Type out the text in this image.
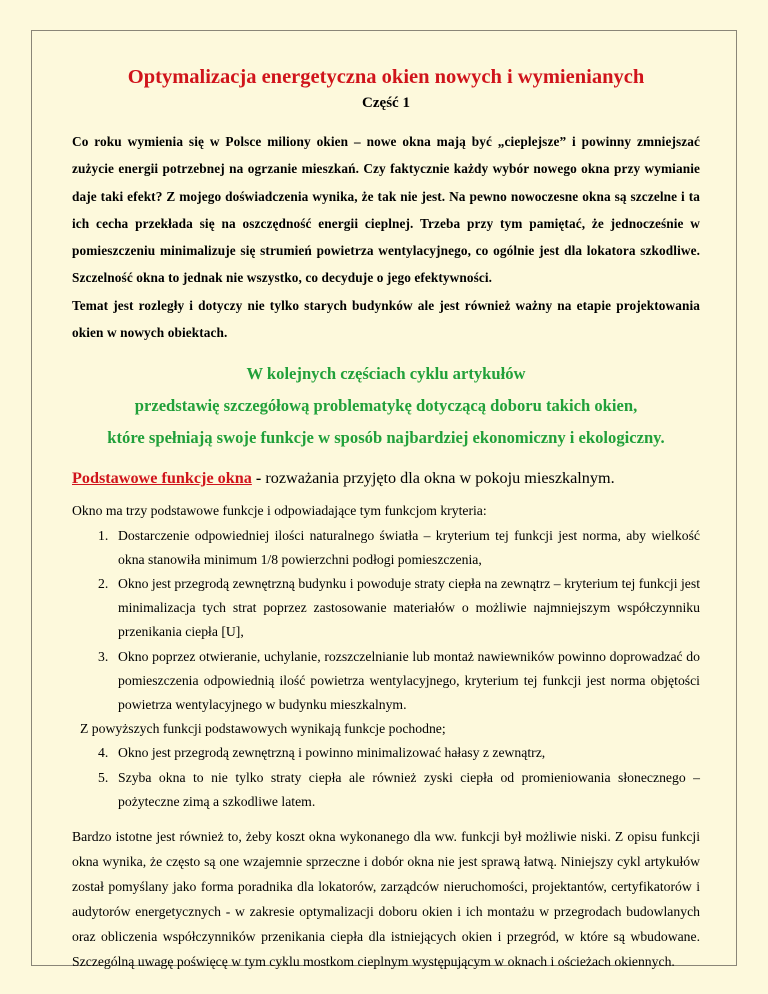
Optymalizacja energetyczna okien nowych i wymienianych
Część 1

Co roku wymienia się w Polsce miliony okien – nowe okna mają być „cieplejsze” i powinny zmniejszać zużycie energii potrzebnej na ogrzanie mieszkań. Czy faktycznie każdy wybór nowego okna przy wymianie daje taki efekt? Z mojego doświadczenia wynika, że tak nie jest. Na pewno nowoczesne okna są szczelne i ta ich cecha przekłada się na oszczędność energii cieplnej. Trzeba przy tym pamiętać, że jednocześnie w pomieszczeniu minimalizuje się strumień powietrza wentylacyjnego, co ogólnie jest dla lokatora szkodliwe. Szczelność okna to jednak nie wszystko, co decyduje o jego efektywności.

Temat jest rozległy i dotyczy nie tylko starych budynków ale jest również ważny na etapie projektowania okien w nowych obiektach.

W kolejnych częściach cyklu artykułów
przedstawię szczegółową problematykę dotyczącą doboru takich okien,
które spełniają swoje funkcje w sposób najbardziej ekonomiczny i ekologiczny.
Podstawowe funkcje okna - rozważania przyjęto dla okna w pokoju mieszkalnym.

Okno ma trzy podstawowe funkcje i odpowiadające tym funkcjom kryteria:

1. Dostarczenie odpowiedniej ilości naturalnego światła – kryterium tej funkcji jest norma, aby wielkość okna stanowiła minimum 1/8 powierzchni podłogi pomieszczenia,
2. Okno jest przegrodą zewnętrzną budynku i powoduje straty ciepła na zewnątrz – kryterium tej funkcji jest minimalizacja tych strat poprzez zastosowanie materiałów o możliwie najmniejszym współczynniku przenikania ciepła [U],
3. Okno poprzez otwieranie, uchylanie, rozszczelnianie lub montaż nawiewników powinno doprowadzać do pomieszczenia odpowiednią ilość powietrza wentylacyjnego, kryterium tej funkcji jest norma objętości powietrza wentylacyjnego w budynku mieszkalnym.

Z powyższych funkcji podstawowych wynikają funkcje pochodne;

4. Okno jest przegrodą zewnętrzną i powinno minimalizować hałasy z zewnątrz,
5. Szyba okna to nie tylko straty ciepła ale również zyski ciepła od promieniowania słonecznego – pożyteczne zimą a szkodliwe latem.

Bardzo istotne jest również to, żeby koszt okna wykonanego dla ww. funkcji był możliwie niski. Z opisu funkcji okna wynika, że często są one wzajemnie sprzeczne i dobór okna nie jest sprawą łatwą. Niniejszy cykl artykułów został pomyślany jako forma poradnika dla lokatorów, zarządców nieruchomości, projektantów, certyfikatorów i audytorów energetycznych - w zakresie optymalizacji doboru okien i ich montażu w przegrodach budowlanych oraz obliczenia współczynników przenikania ciepła dla istniejących okien i przegród, w które są wbudowane. Szczególną uwagę poświęcę w tym cyklu mostkom cieplnym występującym w oknach i ościeżach okiennych.
